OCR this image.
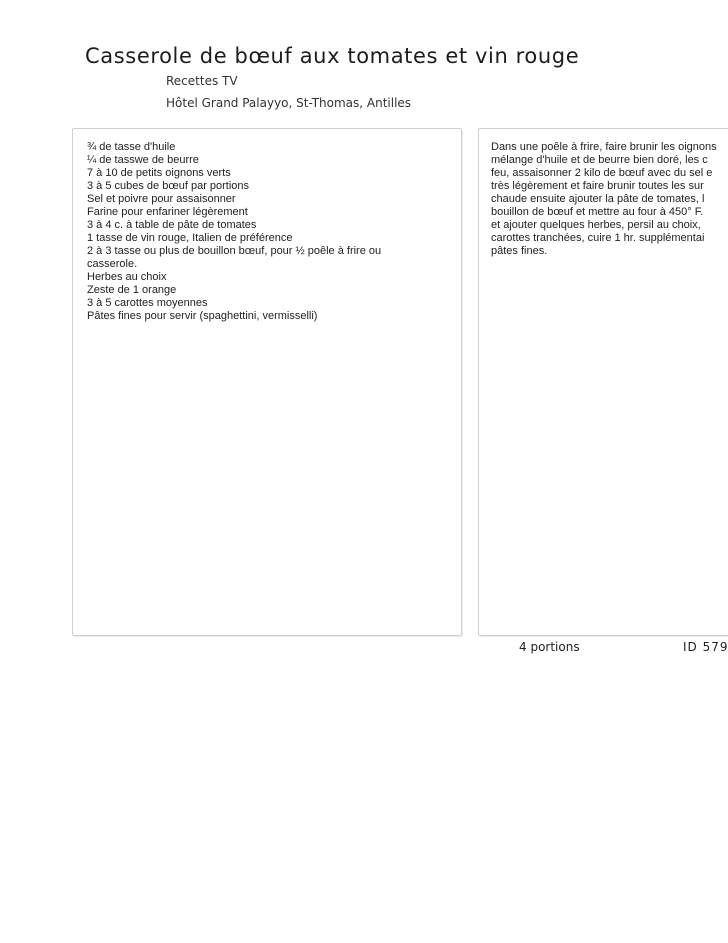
Casserole de bœuf aux tomates et vin rouge
Recettes TV
Hôtel Grand Palayyo, St-Thomas, Antilles
¾ de tasse d'huile
¼ de tasswe de beurre
7 à 10 de petits oignons verts
3 à 5 cubes de bœuf par portions
Sel et poivre pour assaisonner
Farine pour enfariner légèrement
3 à 4 c. à table de pâte de tomates
1 tasse de vin rouge, Italien de préférence
2 à 3 tasse ou plus de bouillon bœuf, pour ½ poêle à frire ou casserole.
Herbes au choix
Zeste de 1 orange
3 à 5 carottes moyennes
Pâtes fines pour servir (spaghettini, vermisselli)
Dans une poêle à frire, faire brunir les oignons
mélange d'huile et de beurre bien doré, les c
feu, assaisonner 2 kilo de bœuf avec du sel e
très légèrement et faire brunir toutes les sur
chaude ensuite ajouter la pâte de tomates, l
bouillon de bœuf et mettre au four à 450° F.
et ajouter quelques herbes, persil au choix,
carottes tranchées, cuire 1 hr. supplémentai
pâtes fines.
4 portions	ID 579
